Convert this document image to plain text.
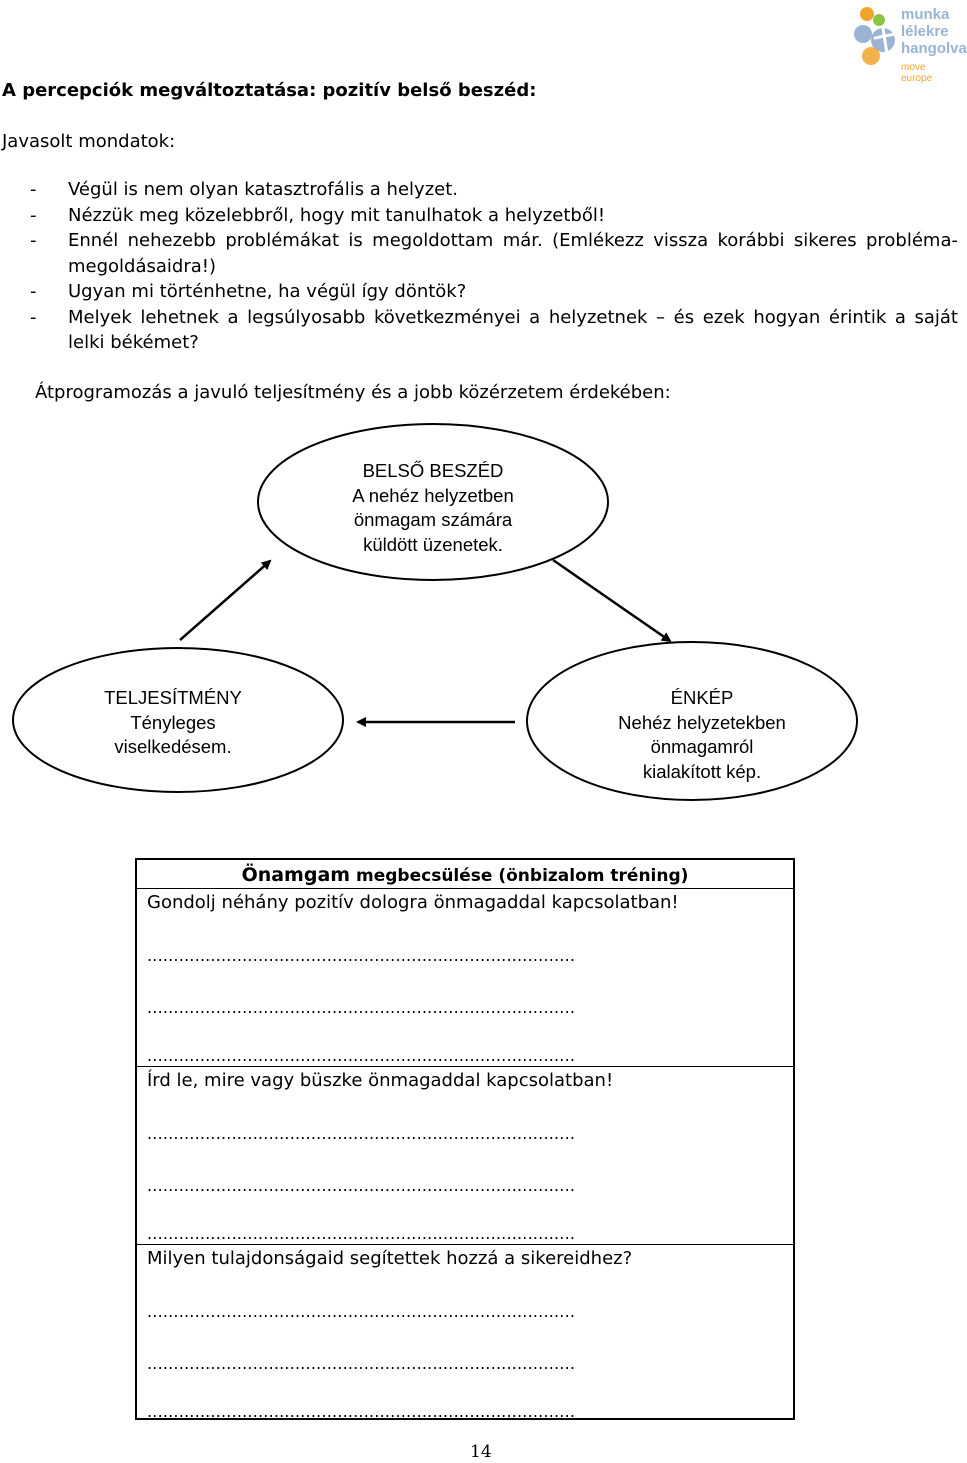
munka
lélekre
hangolva
move europe
A percepciók megváltoztatása: pozitív belső beszéd:
Javasolt mondatok:
- Végül is nem olyan katasztrofális a helyzet.
- Nézzük meg közelebbről, hogy mit tanulhatok a helyzetből!
- Ennél nehezebb problémákat is megoldottam már. (Emlékezz vissza korábbi sikeres probléma-megoldásaidra!)
- Ugyan mi történhetne, ha végül így döntök?
- Melyek lehetnek a legsúlyosabb következményei a helyzetnek – és ezek hogyan érintik a saját lelki békémet?
Átprogramozás a javuló teljesítmény és a jobb közérzetem érdekében:
BELSŐ BESZÉD
A nehéz helyzetben
önmagam számára
küldött üzenetek.
TELJESÍTMÉNY
Tényleges
viselkedésem.
ÉNKÉP
Nehéz helyzetekben
önmagamról
kialakított kép.
Önamgam megbecsülése (önbizalom tréning)
Gondolj néhány pozitív dologra önmagaddal kapcsolatban!
.................................................................................
.................................................................................
.................................................................................
Írd le, mire vagy büszke önmagaddal kapcsolatban!
.................................................................................
.................................................................................
.................................................................................
Milyen tulajdonságaid segítettek hozzá a sikereidhez?
.................................................................................
.................................................................................
.................................................................................
14
